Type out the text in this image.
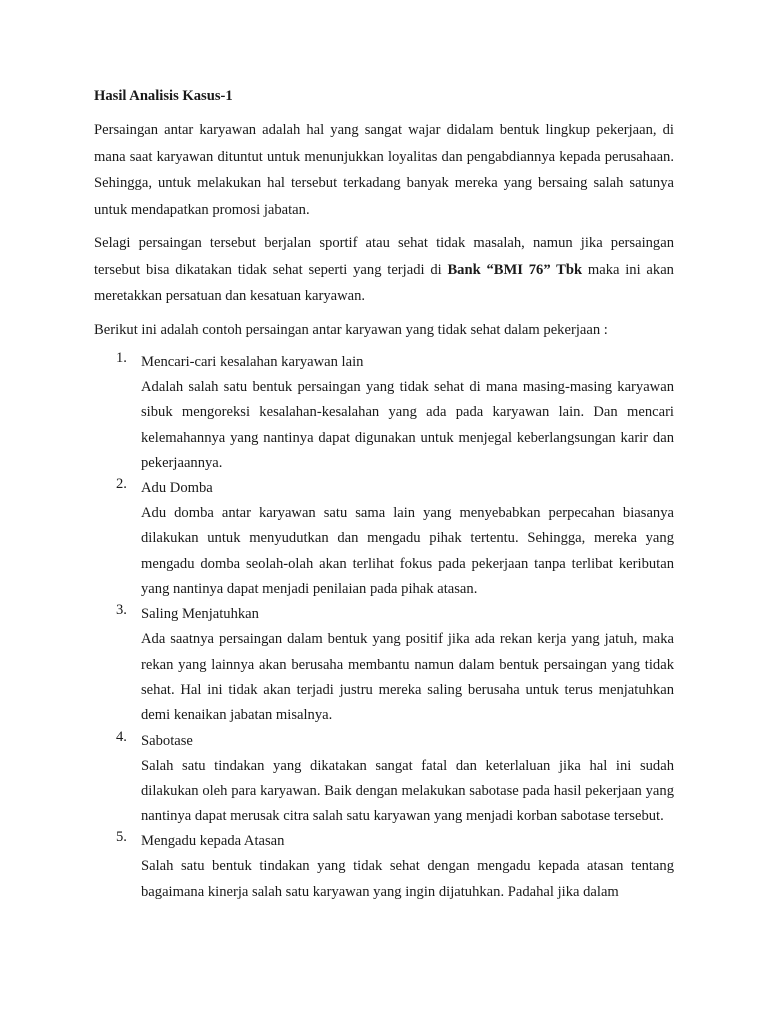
Hasil Analisis Kasus-1

Persaingan antar karyawan adalah hal yang sangat wajar didalam bentuk lingkup pekerjaan, di mana saat karyawan dituntut untuk menunjukkan loyalitas dan pengabdiannya kepada perusahaan. Sehingga, untuk melakukan hal tersebut terkadang banyak mereka yang bersaing salah satunya untuk mendapatkan promosi jabatan.

Selagi persaingan tersebut berjalan sportif atau sehat tidak masalah, namun jika persaingan tersebut bisa dikatakan tidak sehat seperti yang terjadi di Bank “BMI 76” Tbk maka ini akan meretakkan persatuan dan kesatuan karyawan.

Berikut ini adalah contoh persaingan antar karyawan yang tidak sehat dalam pekerjaan :

1. Mencari-cari kesalahan karyawan lain
Adalah salah satu bentuk persaingan yang tidak sehat di mana masing-masing karyawan sibuk mengoreksi kesalahan-kesalahan yang ada pada karyawan lain. Dan mencari kelemahannya yang nantinya dapat digunakan untuk menjegal keberlangsungan karir dan pekerjaannya.
2. Adu Domba
Adu domba antar karyawan satu sama lain yang menyebabkan perpecahan biasanya dilakukan untuk menyudutkan dan mengadu pihak tertentu. Sehingga, mereka yang mengadu domba seolah-olah akan terlihat fokus pada pekerjaan tanpa terlibat keributan yang nantinya dapat menjadi penilaian pada pihak atasan.
3. Saling Menjatuhkan
Ada saatnya persaingan dalam bentuk yang positif jika ada rekan kerja yang jatuh, maka rekan yang lainnya akan berusaha membantu namun dalam bentuk persaingan yang tidak sehat. Hal ini tidak akan terjadi justru mereka saling berusaha untuk terus menjatuhkan demi kenaikan jabatan misalnya.
4. Sabotase
Salah satu tindakan yang dikatakan sangat fatal dan keterlaluan jika hal ini sudah dilakukan oleh para karyawan. Baik dengan melakukan sabotase pada hasil pekerjaan yang nantinya dapat merusak citra salah satu karyawan yang menjadi korban sabotase tersebut.
5. Mengadu kepada Atasan
Salah satu bentuk tindakan yang tidak sehat dengan mengadu kepada atasan tentang bagaimana kinerja salah satu karyawan yang ingin dijatuhkan. Padahal jika dalam
